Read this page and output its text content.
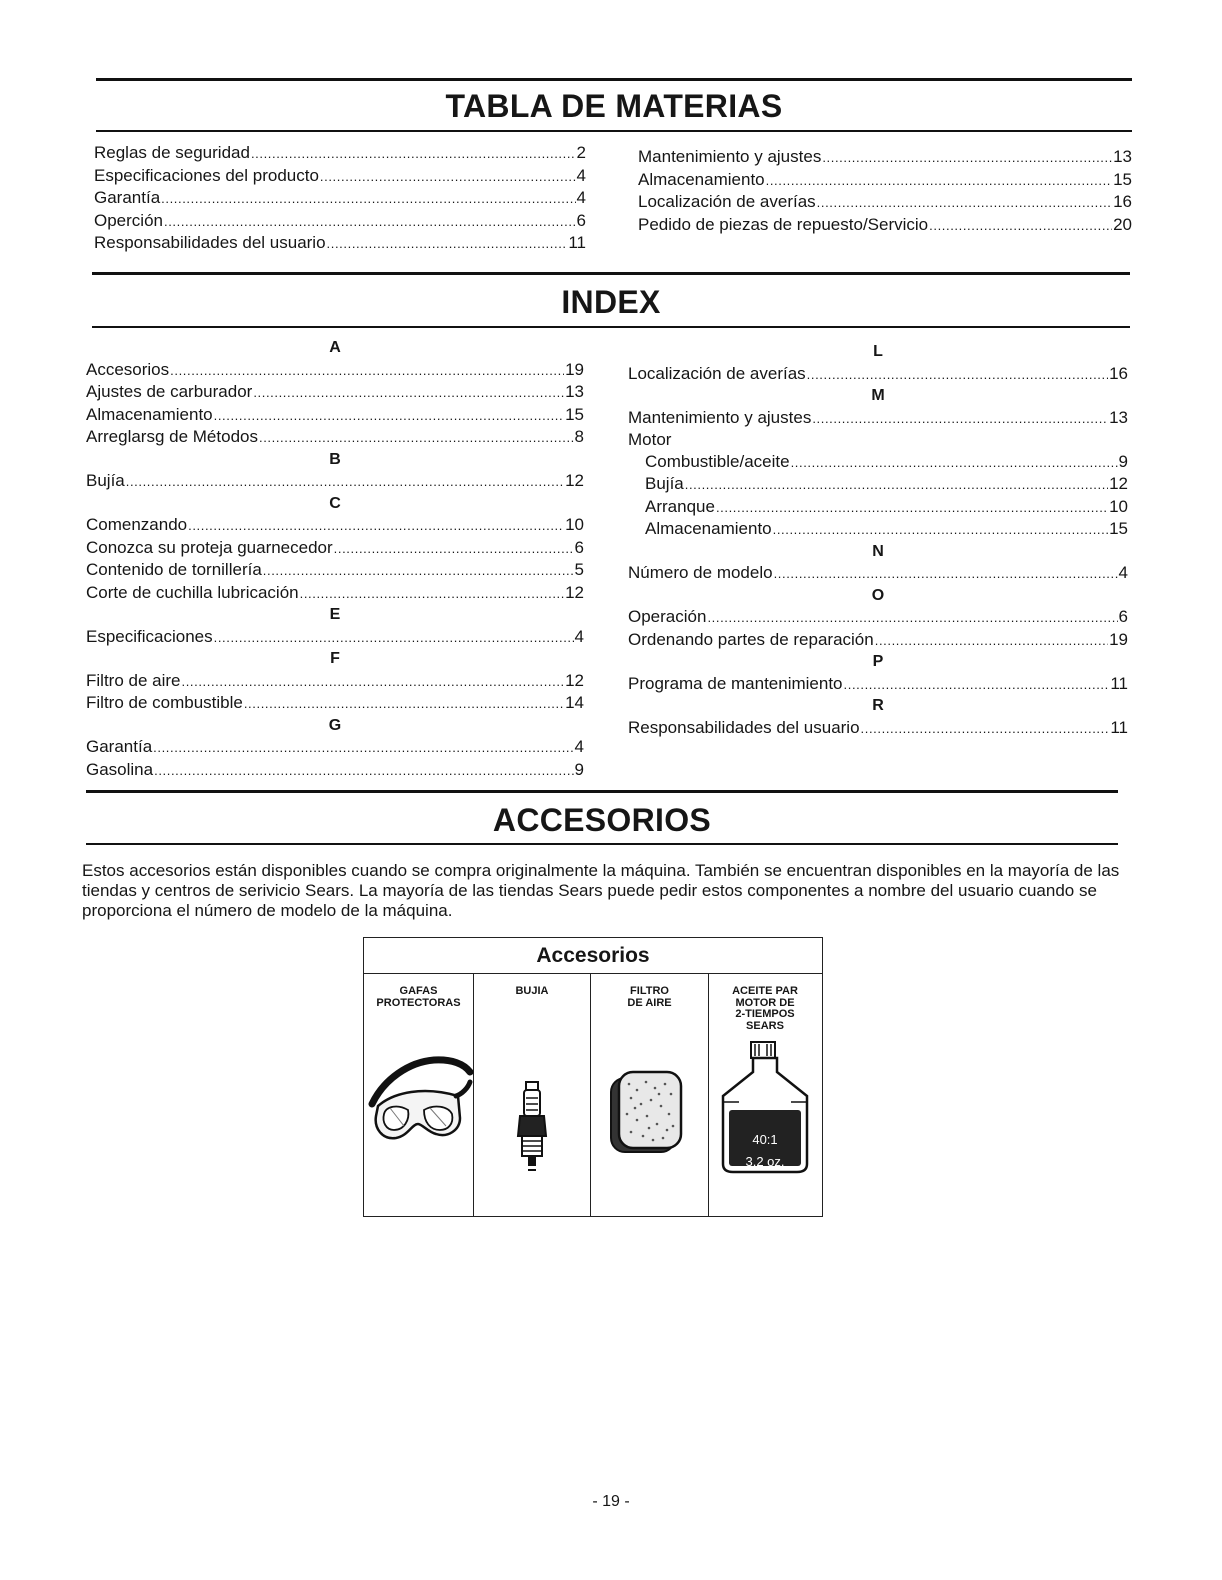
TABLA DE MATERIAS
Reglas de seguridad .....	2
Especificaciones del producto .....	4
Garantía .....	4
Operción .....	6
Responsabilidades del usuario .....	11
Mantenimiento y ajustes .....	13
Almacenamiento .....	15
Localización de averías .....	16
Pedido de piezas de repuesto/Servicio .....	20
INDEX
A
Accesorios .....	19
Ajustes de carburador .....	13
Almacenamiento .....	15
Arreglarsg de Métodos .....	8
B
Bujía .....	12
C
Comenzando .....	10
Conozca su proteja guarnecedor .....	6
Contenido de tornillería .....	5
Corte de cuchilla lubricación .....	12
E
Especificaciones .....	4
F
Filtro de aire .....	12
Filtro de combustible .....	14
G
Garantía .....	4
Gasolina .....	9
L
Localización de averías .....	16
M
Mantenimiento y ajustes .....	13
Motor
Combustible/aceite .....	9
Bujía .....	12
Arranque .....	10
Almacenamiento .....	15
N
Número de modelo .....	4
O
Operación .....	6
Ordenando partes de reparación .....	19
P
Programa de mantenimiento .....	11
R
Responsabilidades del usuario .....	11
ACCESORIOS

Estos accesorios están disponibles cuando se compra originalmente la máquina. También se encuentran disponibles en la mayoría de las tiendas y centros de serivicio Sears. La mayoría de las tiendas Sears puede pedir estos componentes a nombre del usuario cuando se proporciona el número de modelo de la máquina.

Accesorios
GAFAS
PROTECTORAS
BUJIA	FILTRO
DE AIRE
ACEITE PAR
MOTOR DE
2-TIEMPOS
SEARS
40:1
3.2 oz.
- 19 -
